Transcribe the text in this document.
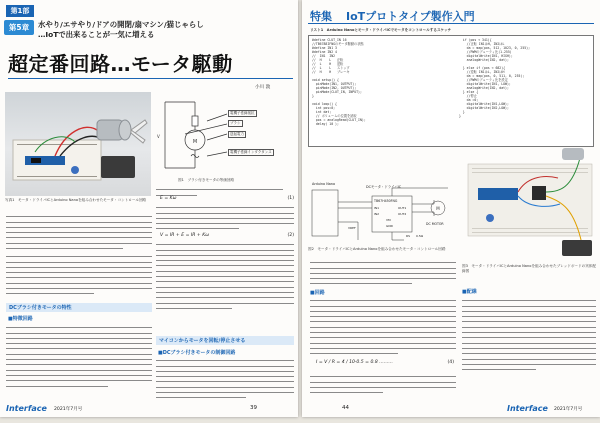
第1部
第5章	水やり/エサやり/ドアの開閉/扇マシン/猫じゃらし
…IoTで出来ることが一気に増える
超定番回路…モータ駆動
小川 敦
写真1　モータ・ドライバICとArduino Nanoを組み合わせたモータ・コントロール回路
M
V
電機子巻線抵抗
ブラシ
逆起電力
電機子巻線インダクタンス
図1　ブラシ付きモータの等価回路
DCブラシ付きモータの特性
■特徴回路
E = Kω	(1)
V = IR + E = IR + Kω	(2)
マイコンからモータを回転/停止させる
■DCブラシ付きモータの制御回路
Interface 2021年7月号	39
特集 IoTプロトタイプ製作入門
リスト1　Arduino Nanoとモータ・ドライバICでモータをコントロールするスケッチ
#define CLUT_IN 16
//TB6788IFNGのモータ駆動の状態
#define IN1 3
#define IN2 4
//  IN1  IN2
//  H    L   正転
//  L    H   逆転
//  L    L   ストップ
//  H    H   ブレーキ

void setup() {
pinMode(IN1, OUTPUT);
pinMode(IN2, OUTPUT);
pinMode(CLUT_IN, INPUT);
}

void loop() {
int pos=0;
int dat;
// ボリュームの位置を読取
pos = analogRead(CLUT_IN);
delay( 10 );
if (pos < 341){
//正転 IN1はH, IN2はL
da = map(pos, 512, 1023, 0, 255);
//PWMのデューティ比(1-255)
digitalWrite(IN1, HIGH);
analogWrite(IN2, dat);

} else if (pos < 682){
//逆転 IN1はL, IN2はH
da = map(pos, 0, 511, 0, 255);
//PWMのデューティ比を設定
digitalWrite(IN1, LOW);
analogWrite(IN2, dat);
} else {
//停止
da =0;
digitalWrite(IN1,LOW);
digitalWrite(IN2,LOW);
}
}
M
Arduino Nano
DCモータ・ドライバIC
TB67H450FNG
DC MOTOR
IN1
IN2
OUT1
OUT2
VM
GND
VREF
RS 0.5Ω
図2　モータ・ドライバICとArduino Nanoを組み合わせたモータ・コントロール回路
図3　モータ・ドライバICとArduino Nanoを組み合わせたブレッドボードの実体配線図
■回路
I = V / R = 4 / 10·0.5 = 0.8 ………	(4)
■配線
44	Interface 2021年7月号
